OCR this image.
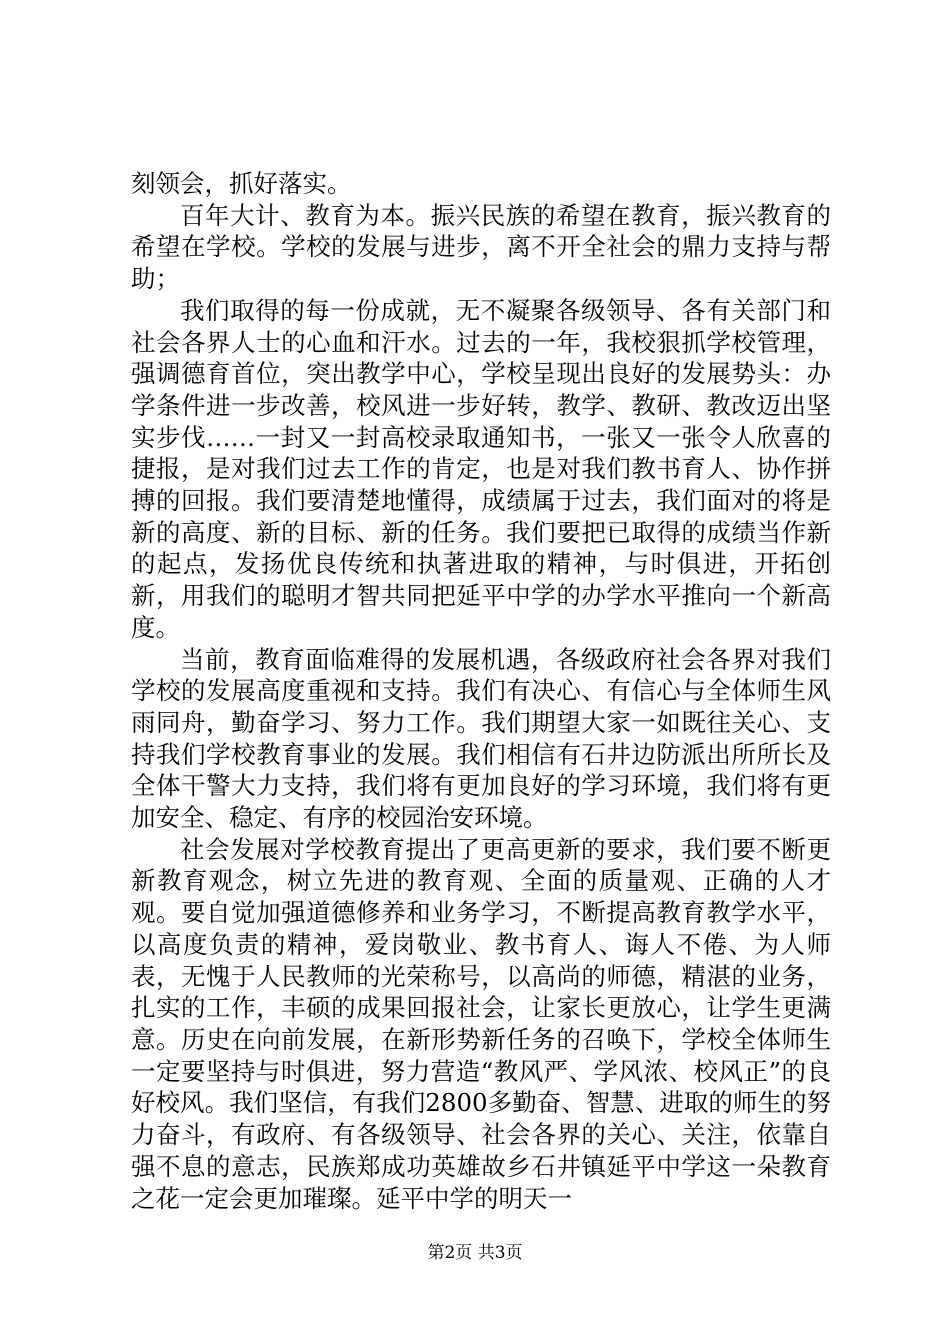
刻领会，抓好落实。

百年大计、教育为本。振兴民族的希望在教育，振兴教育的希望在学校。学校的发展与进步，离不开全社会的鼎力支持与帮助；

我们取得的每一份成就，无不凝聚各级领导、各有关部门和社会各界人士的心血和汗水。过去的一年，我校狠抓学校管理，强调德育首位，突出教学中心，学校呈现出良好的发展势头：办学条件进一步改善，校风进一步好转，教学、教研、教改迈出坚实步伐……一封又一封高校录取通知书，一张又一张令人欣喜的捷报，是对我们过去工作的肯定，也是对我们教书育人、协作拼搏的回报。我们要清楚地懂得，成绩属于过去，我们面对的将是新的高度、新的目标、新的任务。我们要把已取得的成绩当作新的起点，发扬优良传统和执著进取的精神，与时俱进，开拓创新，用我们的聪明才智共同把延平中学的办学水平推向一个新高度。

当前，教育面临难得的发展机遇，各级政府社会各界对我们学校的发展高度重视和支持。我们有决心、有信心与全体师生风雨同舟，勤奋学习、努力工作。我们期望大家一如既往关心、支持我们学校教育事业的发展。我们相信有石井边防派出所所长及全体干警大力支持，我们将有更加良好的学习环境，我们将有更加安全、稳定、有序的校园治安环境。

社会发展对学校教育提出了更高更新的要求，我们要不断更新教育观念，树立先进的教育观、全面的质量观、正确的人才观。要自觉加强道德修养和业务学习，不断提高教育教学水平，以高度负责的精神，爱岗敬业、教书育人、诲人不倦、为人师表，无愧于人民教师的光荣称号，以高尚的师德，精湛的业务，扎实的工作，丰硕的成果回报社会，让家长更放心，让学生更满意。历史在向前发展，在新形势新任务的召唤下，学校全体师生一定要坚持与时俱进，努力营造“教风严、学风浓、校风正”的良好校风。我们坚信，有我们2800多勤奋、智慧、进取的师生的努力奋斗，有政府、有各级领导、社会各界的关心、关注，依靠自强不息的意志，民族郑成功英雄故乡石井镇延平中学这一朵教育之花一定会更加璀璨。延平中学的明天一

第2页 共3页
